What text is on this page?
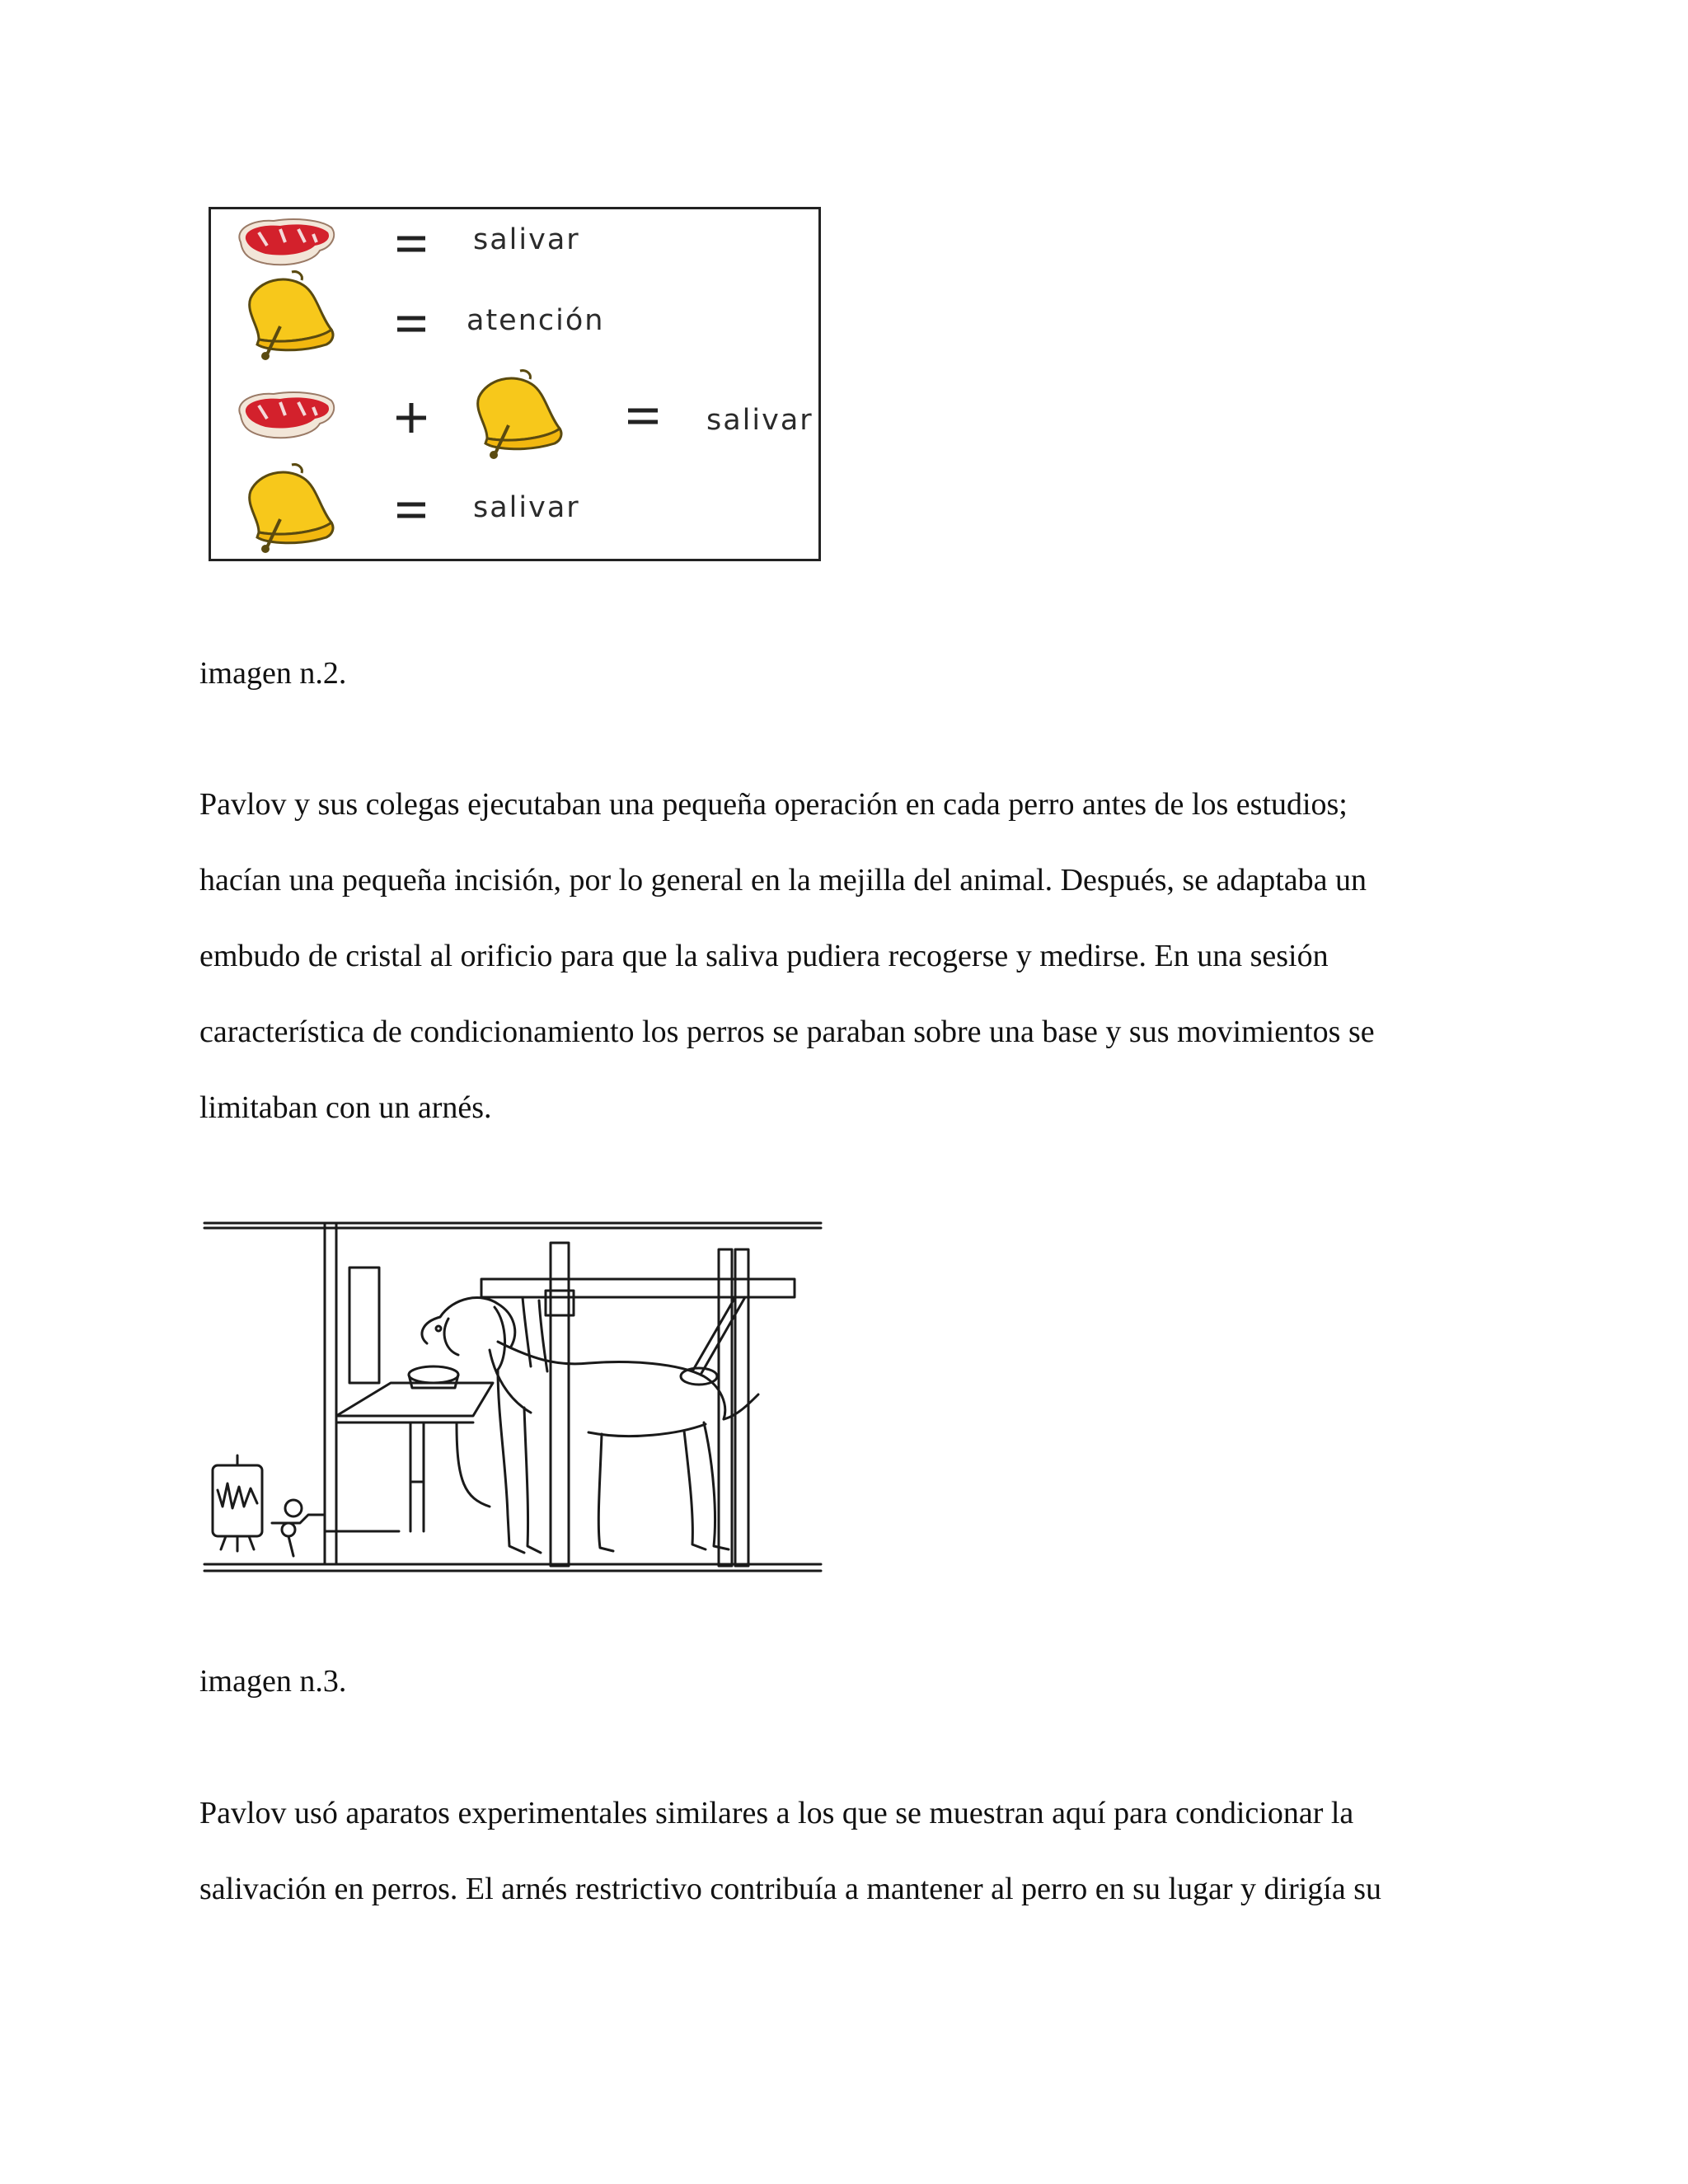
salivar
atención
salivar
salivar
imagen n.2.

Pavlov y sus colegas ejecutaban una pequeña operación en cada perro antes de los estudios;

hacían una pequeña incisión, por lo general en la mejilla del animal. Después, se adaptaba un

embudo de cristal al orificio para que la saliva pudiera recogerse y medirse. En una sesión

característica de condicionamiento los perros se paraban sobre una base y sus movimientos se

limitaban con un arnés.

imagen n.3.

Pavlov usó aparatos experimentales similares a los que se muestran aquí para condicionar la

salivación en perros. El arnés restrictivo contribuía a mantener al perro en su lugar y dirigía su
